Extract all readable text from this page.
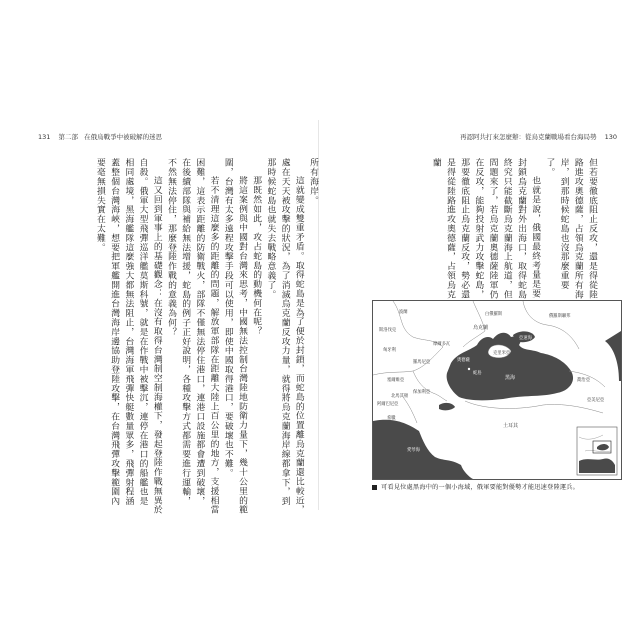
131 第二部 在俄烏戰爭中被破解的迷思

所有海岸。

這就變成雙重矛盾。取得蛇島是為了便於封鎖，而蛇島的位置離烏克蘭還比較近，處在天天被攻擊的狀況，為了消滅烏克蘭反攻力量，就得將烏克蘭海岸線都拿下，到那時候蛇島也就失去戰略意義了。

那既然如此，攻占蛇島的動機何在呢？

將這案例與中國對台灣來思考，中國無法控制台灣陸地防衛力量下，幾十公里的範圍，台灣有太多遠程攻擊手段可以使用，即使中國取得港口，要破壞也不難。

若不清理這麼多的距離的問題，解放軍部隊在距離大陸上百公里的地方，支援相當困難，這表示距離的防衛戰火，部隊不僅無法停住港口，連港口設施都會遭到破壞，在後續部隊與補給無法增援，蛇島的例子正好說明，各種攻擊方式都需要進行運輸，不然無法停住，那麼登陸作戰的意義為何？

這又回到軍事上的基礎觀念：在沒有取得台灣制空制海權下，發起登陸作戰無異於自殺。俄軍大型飛彈巡洋艦莫斯科號，就是在作戰中被擊沉，連停在港口的船艦也是相同處境，黑海艦隊這麼強大都無法阻止，台灣海軍飛彈快艇數量眾多，飛彈射程涵蓋整個台灣海峽，想要把軍艦開進台灣海岸邊協助登陸攻擊，在台灣飛彈攻擊範圍內要毫無損失實在太難。

再認阿共打來怎麼辦：從烏克蘭戰場看台海局勢 130

但若要徹底阻止反攻，還是得從陸路進攻奧德薩，占領烏克蘭所有海岸，到那時候蛇島也沒那麼重要了。

也就是說，俄國最終考量是要封鎖烏克蘭對外出海口，取得蛇島終究只能截斷烏克蘭海上航道，但問題來了，若烏克蘭奧德薩陸軍仍在反攻，能夠投射武力攻擊蛇島，那要徹底阻止烏克蘭反攻，勢必還是得從陸路進攻奧德薩，占領烏克蘭

波蘭	白俄羅斯	俄羅斯聯邦
烏克蘭
斯洛伐克
匈牙利
摩爾多瓦
羅馬尼亞	奧德薩
蛇島
克里米亞
亞速海
黑海
塞爾維亞
保加利亞
喬治亞
亞美尼亞
阿爾巴尼亞
北馬其頓
希臘
土耳其
愛琴海
可看見位處黑海中的一個小海域，俄軍要能對優勢才能迅速登陸運兵。
